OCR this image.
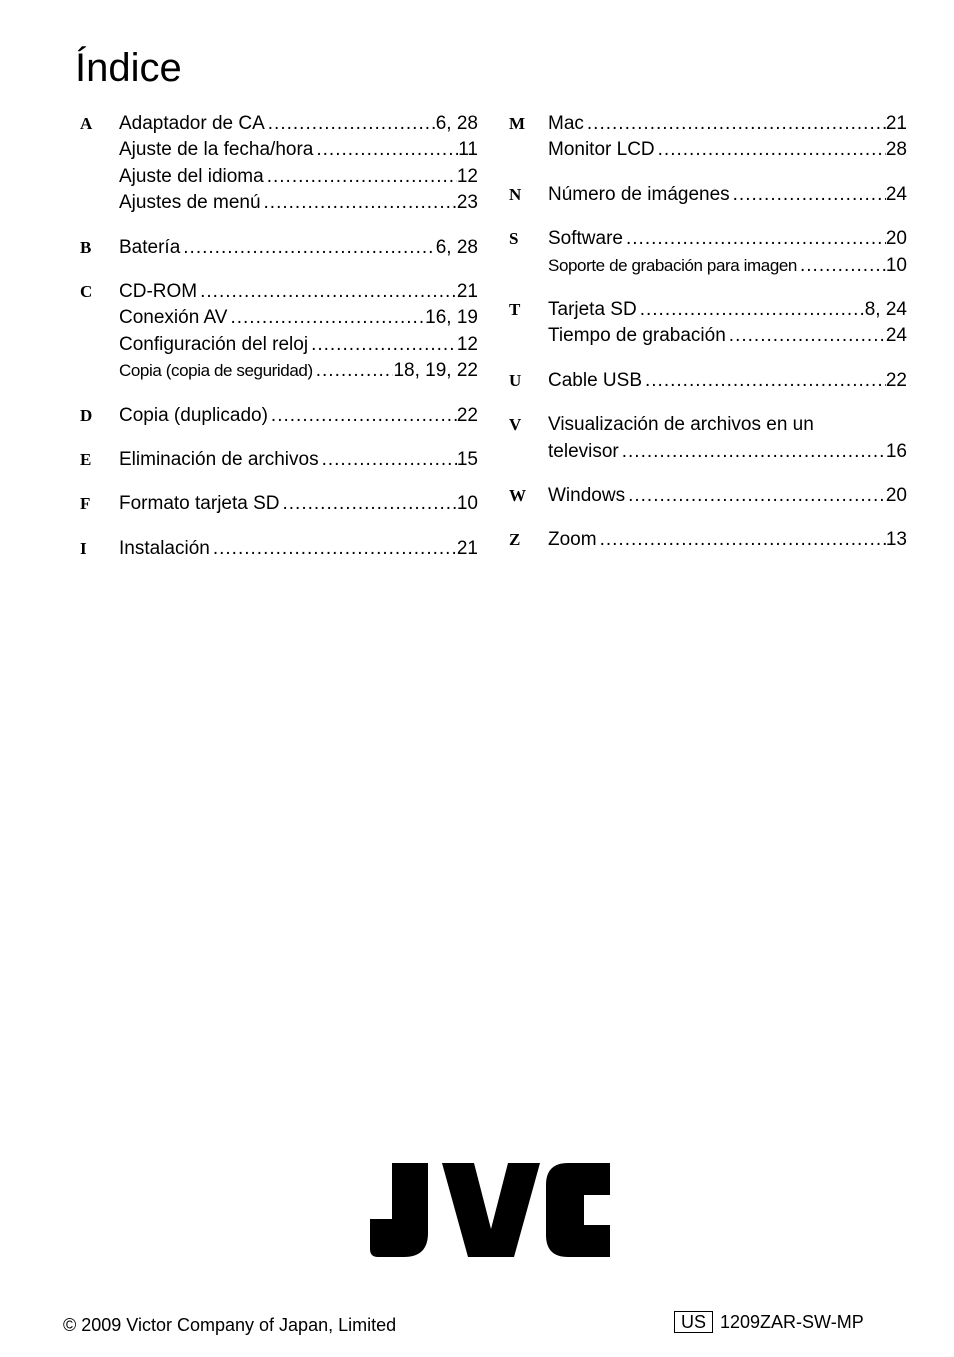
Índice
A Adaptador de CA .....	6, 28
Ajuste de la fecha/hora .....	11
Ajuste del idioma .....	12
Ajustes de menú .....	23
B Batería .....	6, 28
C CD-ROM .....	21
Conexión AV .....	16, 19
Configuración del reloj .....	12
Copia (copia de seguridad) .....	18, 19, 22
D Copia (duplicado) .....	22
E Eliminación de archivos .....	15
F Formato tarjeta SD .....	10
I Instalación .....	21
M Mac .....	21
Monitor LCD .....	28
N Número de imágenes .....	24
S Software .....	20
Soporte de grabación para imagen .....	10
T Tarjeta SD .....	8, 24
Tiempo de grabación .....	24
U Cable USB .....	22
V Visualización de archivos en un
televisor .....	16
W Windows .....	20
Z Zoom .....	13
© 2009 Victor Company of Japan, Limited	US 1209ZAR-SW-MP
